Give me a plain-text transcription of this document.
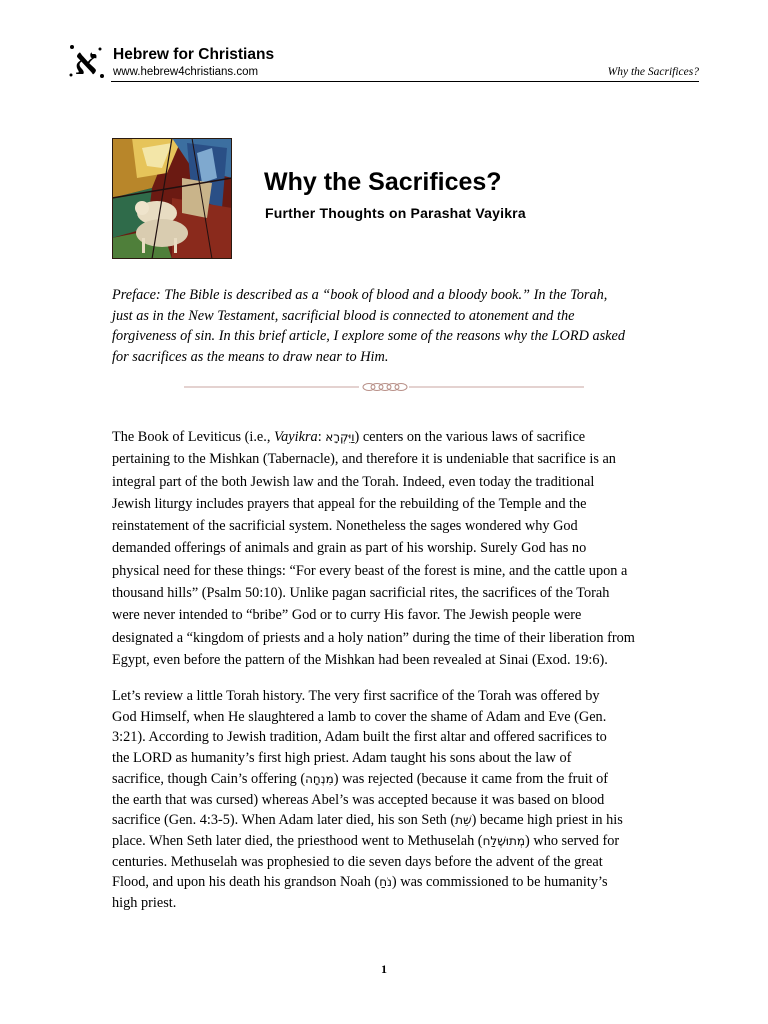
א Hebrew for Christians
www.hebrew4christians.com	Why the Sacrifices?
Why the Sacrifices?
Further Thoughts on Parashat Vayikra
Preface: The Bible is described as a “book of blood and a bloody book.” In the Torah,
just as in the New Testament, sacrificial blood is connected to atonement and the
forgiveness of sin. In this brief article, I explore some of the reasons why the LORD asked
for sacrifices as the means to draw near to Him.
The Book of Leviticus (i.e., Vayikra: וַיִּקְרָא) centers on the various laws of sacrifice
pertaining to the Mishkan (Tabernacle), and therefore it is undeniable that sacrifice is an
integral part of the both Jewish law and the Torah. Indeed, even today the traditional
Jewish liturgy includes prayers that appeal for the rebuilding of the Temple and the
reinstatement of the sacrificial system. Nonetheless the sages wondered why God
demanded offerings of animals and grain as part of his worship. Surely God has no
physical need for these things: “For every beast of the forest is mine, and the cattle upon a
thousand hills” (Psalm 50:10). Unlike pagan sacrificial rites, the sacrifices of the Torah
were never intended to “bribe” God or to curry His favor. The Jewish people were
designated a “kingdom of priests and a holy nation” during the time of their liberation from
Egypt, even before the pattern of the Mishkan had been revealed at Sinai (Exod. 19:6).
Let’s review a little Torah history. The very first sacrifice of the Torah was offered by
God Himself, when He slaughtered a lamb to cover the shame of Adam and Eve (Gen.
3:21). According to Jewish tradition, Adam built the first altar and offered sacrifices to
the LORD as humanity’s first high priest. Adam taught his sons about the law of
sacrifice, though Cain’s offering (מִנְחָה) was rejected (because it came from the fruit of
the earth that was cursed) whereas Abel’s was accepted because it was based on blood
sacrifice (Gen. 4:3-5). When Adam later died, his son Seth (שֵׁת) became high priest in his
place. When Seth later died, the priesthood went to Methuselah (מְתוּשֶׁלַח) who served for
centuries. Methuselah was prophesied to die seven days before the advent of the great
Flood, and upon his death his grandson Noah (נֹחַ) was commissioned to be humanity’s
high priest.
1
